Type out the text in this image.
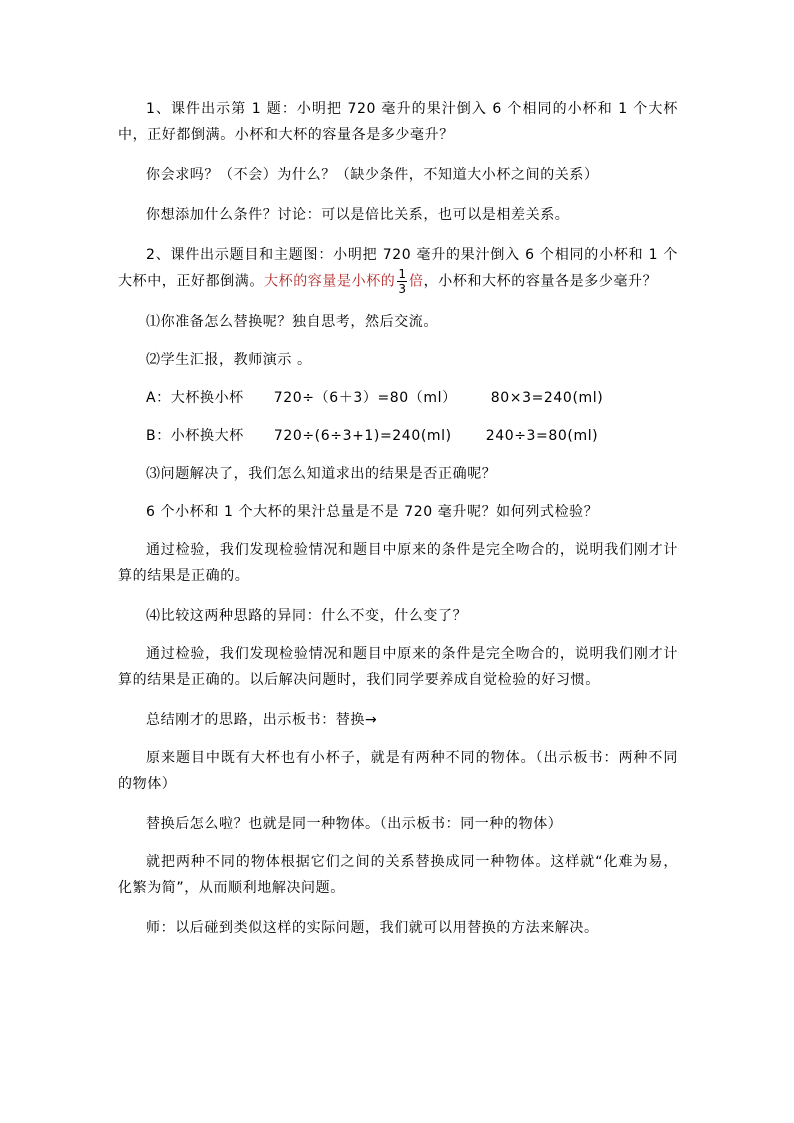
1、课件出示第 1 题：小明把 720 毫升的果汁倒入 6 个相同的小杯和 1 个大杯中，正好都倒满。小杯和大杯的容量各是多少毫升？

你会求吗？（不会）为什么？（缺少条件，不知道大小杯之间的关系）

你想添加什么条件？讨论：可以是倍比关系，也可以是相差关系。

2、课件出示题目和主题图：小明把 720 毫升的果汁倒入 6 个相同的小杯和 1 个大杯中，正好都倒满。大杯的容量是小杯的 $\frac{1}{3}$ 倍，小杯和大杯的容量各是多少毫升？

⑴你准备怎么替换呢？独自思考，然后交流。

⑵学生汇报，教师演示 。

A：大杯换小杯 720÷（6＋3）=80（ml） 80×3=240(ml)

B：小杯换大杯 720÷(6÷3+1)=240(ml) 240÷3=80(ml)

⑶问题解决了，我们怎么知道求出的结果是否正确呢？

6 个小杯和 1 个大杯的果汁总量是不是 720 毫升呢？如何列式检验？

通过检验，我们发现检验情况和题目中原来的条件是完全吻合的，说明我们刚才计算的结果是正确的。

⑷比较这两种思路的异同：什么不变，什么变了？

通过检验，我们发现检验情况和题目中原来的条件是完全吻合的，说明我们刚才计算的结果是正确的。以后解决问题时，我们同学要养成自觉检验的好习惯。

总结刚才的思路，出示板书：替换→

原来题目中既有大杯也有小杯子，就是有两种不同的物体。（出示板书：两种不同的物体）

替换后怎么啦？也就是同一种物体。（出示板书：同一种的物体）

就把两种不同的物体根据它们之间的关系替换成同一种物体。这样就“化难为易，化繁为简”，从而顺利地解决问题。

师：以后碰到类似这样的实际问题，我们就可以用替换的方法来解决。
